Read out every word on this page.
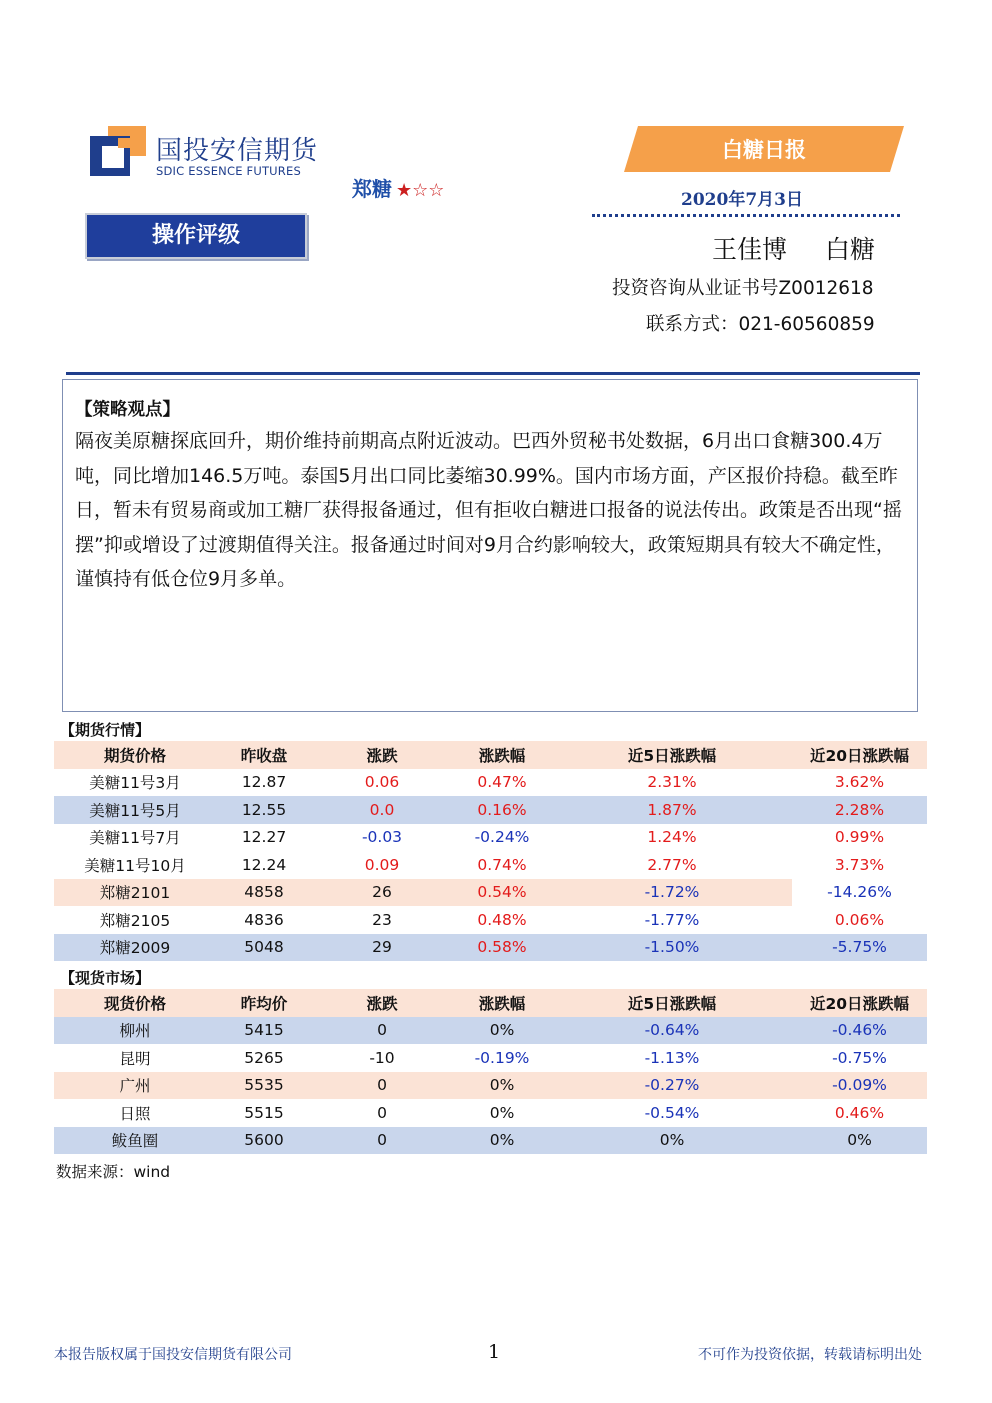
国投安信期货
SDIC ESSENCE FUTURES
郑糖 ★☆☆
操作评级
白糖日报
2020年7月3日
王佳博 白糖
投资咨询从业证书号Z0012618
联系方式：021-60560859
【策略观点】
隔夜美原糖探底回升，期价维持前期高点附近波动。巴西外贸秘书处数据，6月出口食糖300.4万吨，同比增加146.5万吨。泰国5月出口同比萎缩30.99%。国内市场方面，产区报价持稳。截至昨日，暂未有贸易商或加工糖厂获得报备通过，但有拒收白糖进口报备的说法传出。政策是否出现“摇摆”抑或增设了过渡期值得关注。报备通过时间对9月合约影响较大，政策短期具有较大不确定性，谨慎持有低仓位9月多单。
【期货行情】
期货价格	昨收盘	涨跌	涨跌幅	近5日涨跌幅	近20日涨跌幅
美糖11号3月	12.87	0.06	0.47%	2.31%	3.62%
美糖11号5月	12.55	0.0	0.16%	1.87%	2.28%
美糖11号7月	12.27	-0.03	-0.24%	1.24%	0.99%
美糖11号10月	12.24	0.09	0.74%	2.77%	3.73%
郑糖2101	4858	26	0.54%	-1.72%	-14.26%
郑糖2105	4836	23	0.48%	-1.77%	0.06%
郑糖2009	5048	29	0.58%	-1.50%	-5.75%
【现货市场】
现货价格	昨均价	涨跌	涨跌幅	近5日涨跌幅	近20日涨跌幅
柳州	5415	0	0%	-0.64%	-0.46%
昆明	5265	-10	-0.19%	-1.13%	-0.75%
广州	5535	0	0%	-0.27%	-0.09%
日照	5515	0	0%	-0.54%	0.46%
鲅鱼圈	5600	0	0%	0%	0%
数据来源：wind
本报告版权属于国投安信期货有限公司	1	不可作为投资依据，转载请标明出处
